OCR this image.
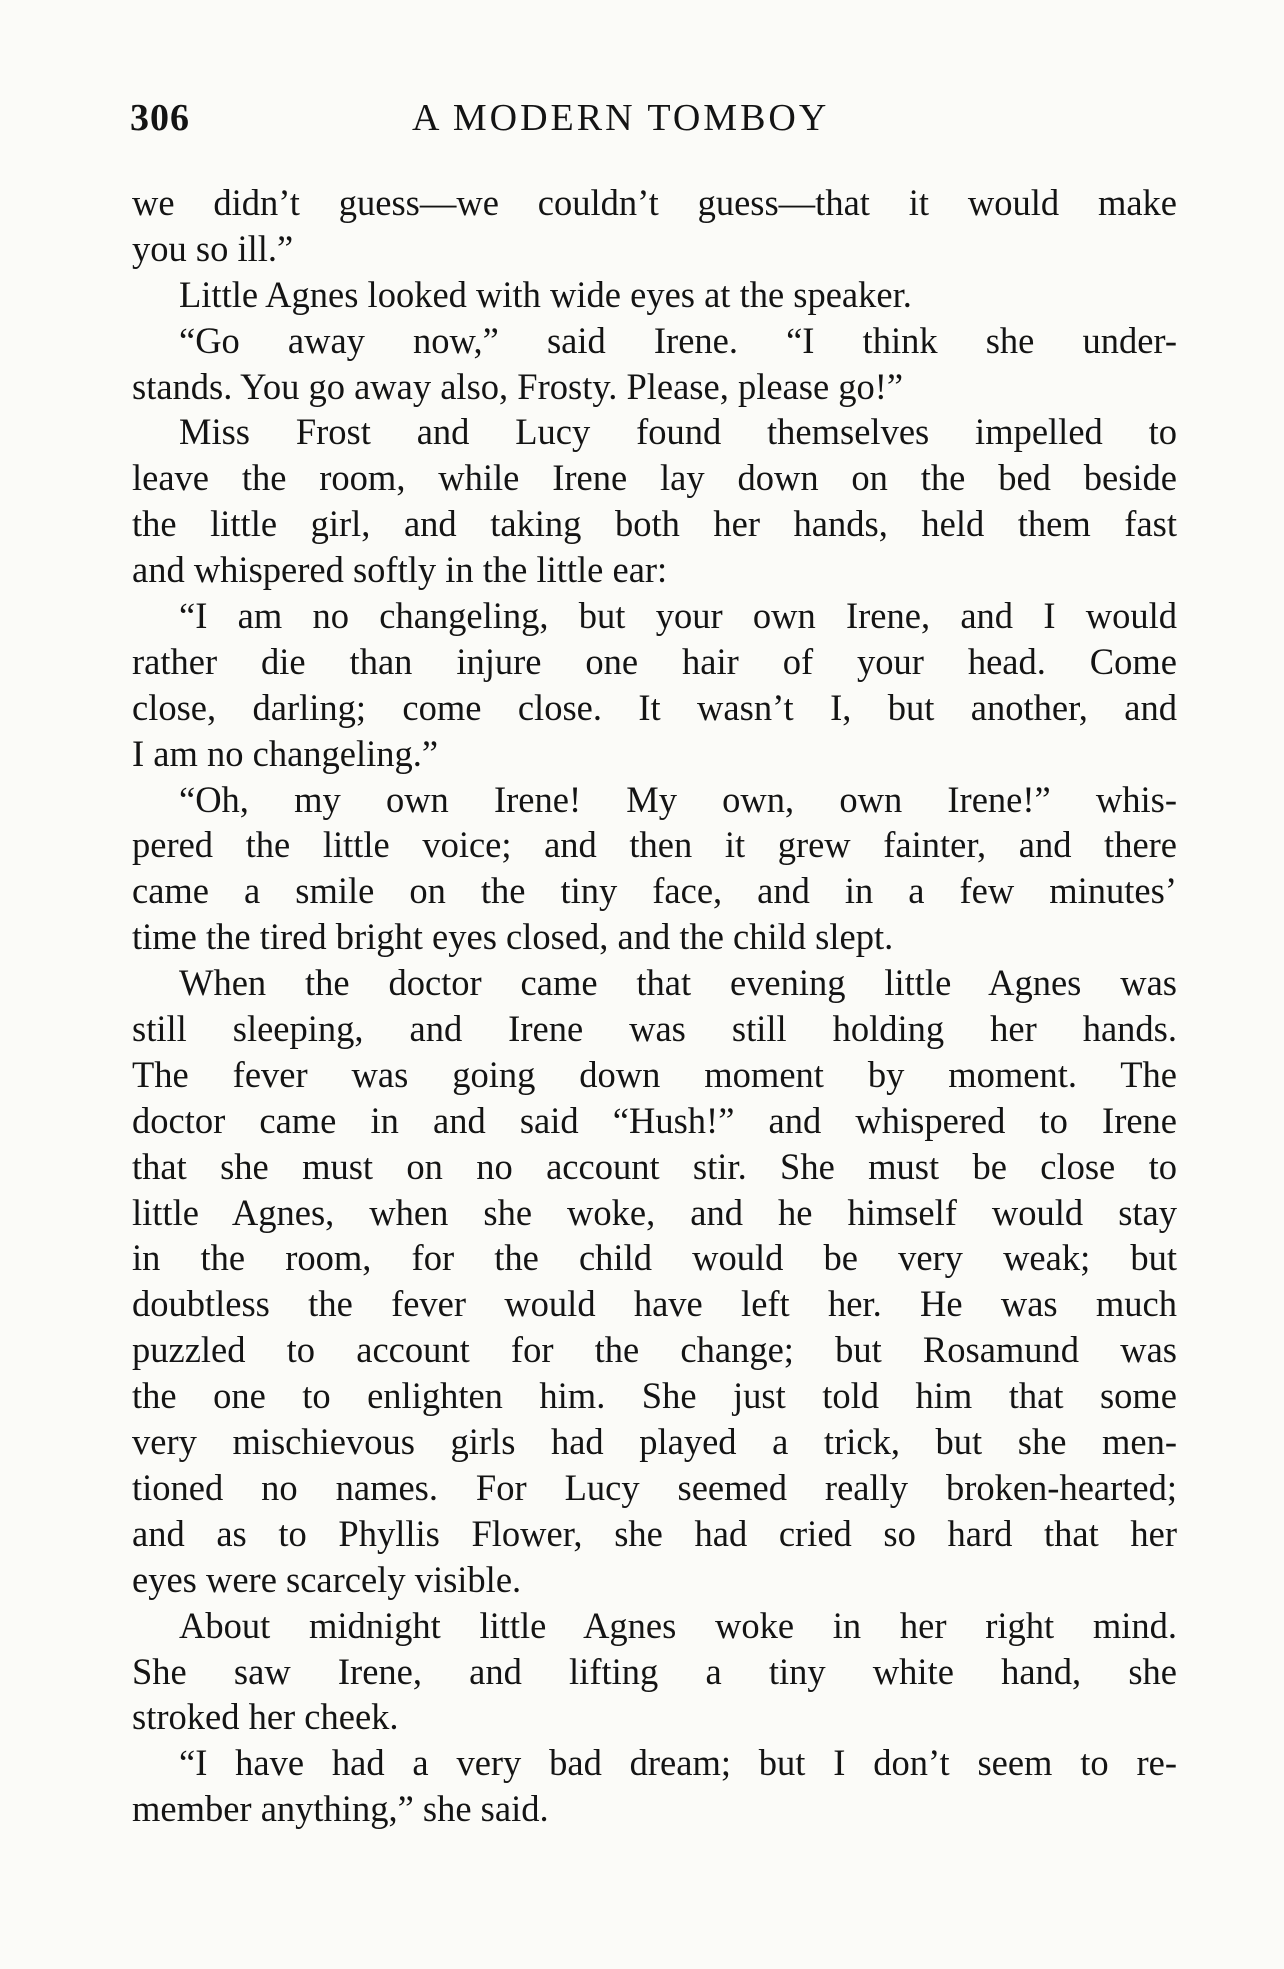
306	A MODERN TOMBOY
we didn’t guess—we couldn’t guess—that it would make
you so ill.”
Little Agnes looked with wide eyes at the speaker.
“Go away now,” said Irene. “I think she under-
stands. You go away also, Frosty. Please, please go!”
Miss Frost and Lucy found themselves impelled to
leave the room, while Irene lay down on the bed beside
the little girl, and taking both her hands, held them fast
and whispered softly in the little ear:
“I am no changeling, but your own Irene, and I would
rather die than injure one hair of your head. Come
close, darling; come close. It wasn’t I, but another, and
I am no changeling.”
“Oh, my own Irene! My own, own Irene!” whis-
pered the little voice; and then it grew fainter, and there
came a smile on the tiny face, and in a few minutes’
time the tired bright eyes closed, and the child slept.
When the doctor came that evening little Agnes was
still sleeping, and Irene was still holding her hands.
The fever was going down moment by moment. The
doctor came in and said “Hush!” and whispered to Irene
that she must on no account stir. She must be close to
little Agnes, when she woke, and he himself would stay
in the room, for the child would be very weak; but
doubtless the fever would have left her. He was much
puzzled to account for the change; but Rosamund was
the one to enlighten him. She just told him that some
very mischievous girls had played a trick, but she men-
tioned no names. For Lucy seemed really broken-hearted;
and as to Phyllis Flower, she had cried so hard that her
eyes were scarcely visible.
About midnight little Agnes woke in her right mind.
She saw Irene, and lifting a tiny white hand, she
stroked her cheek.
“I have had a very bad dream; but I don’t seem to re-
member anything,” she said.
